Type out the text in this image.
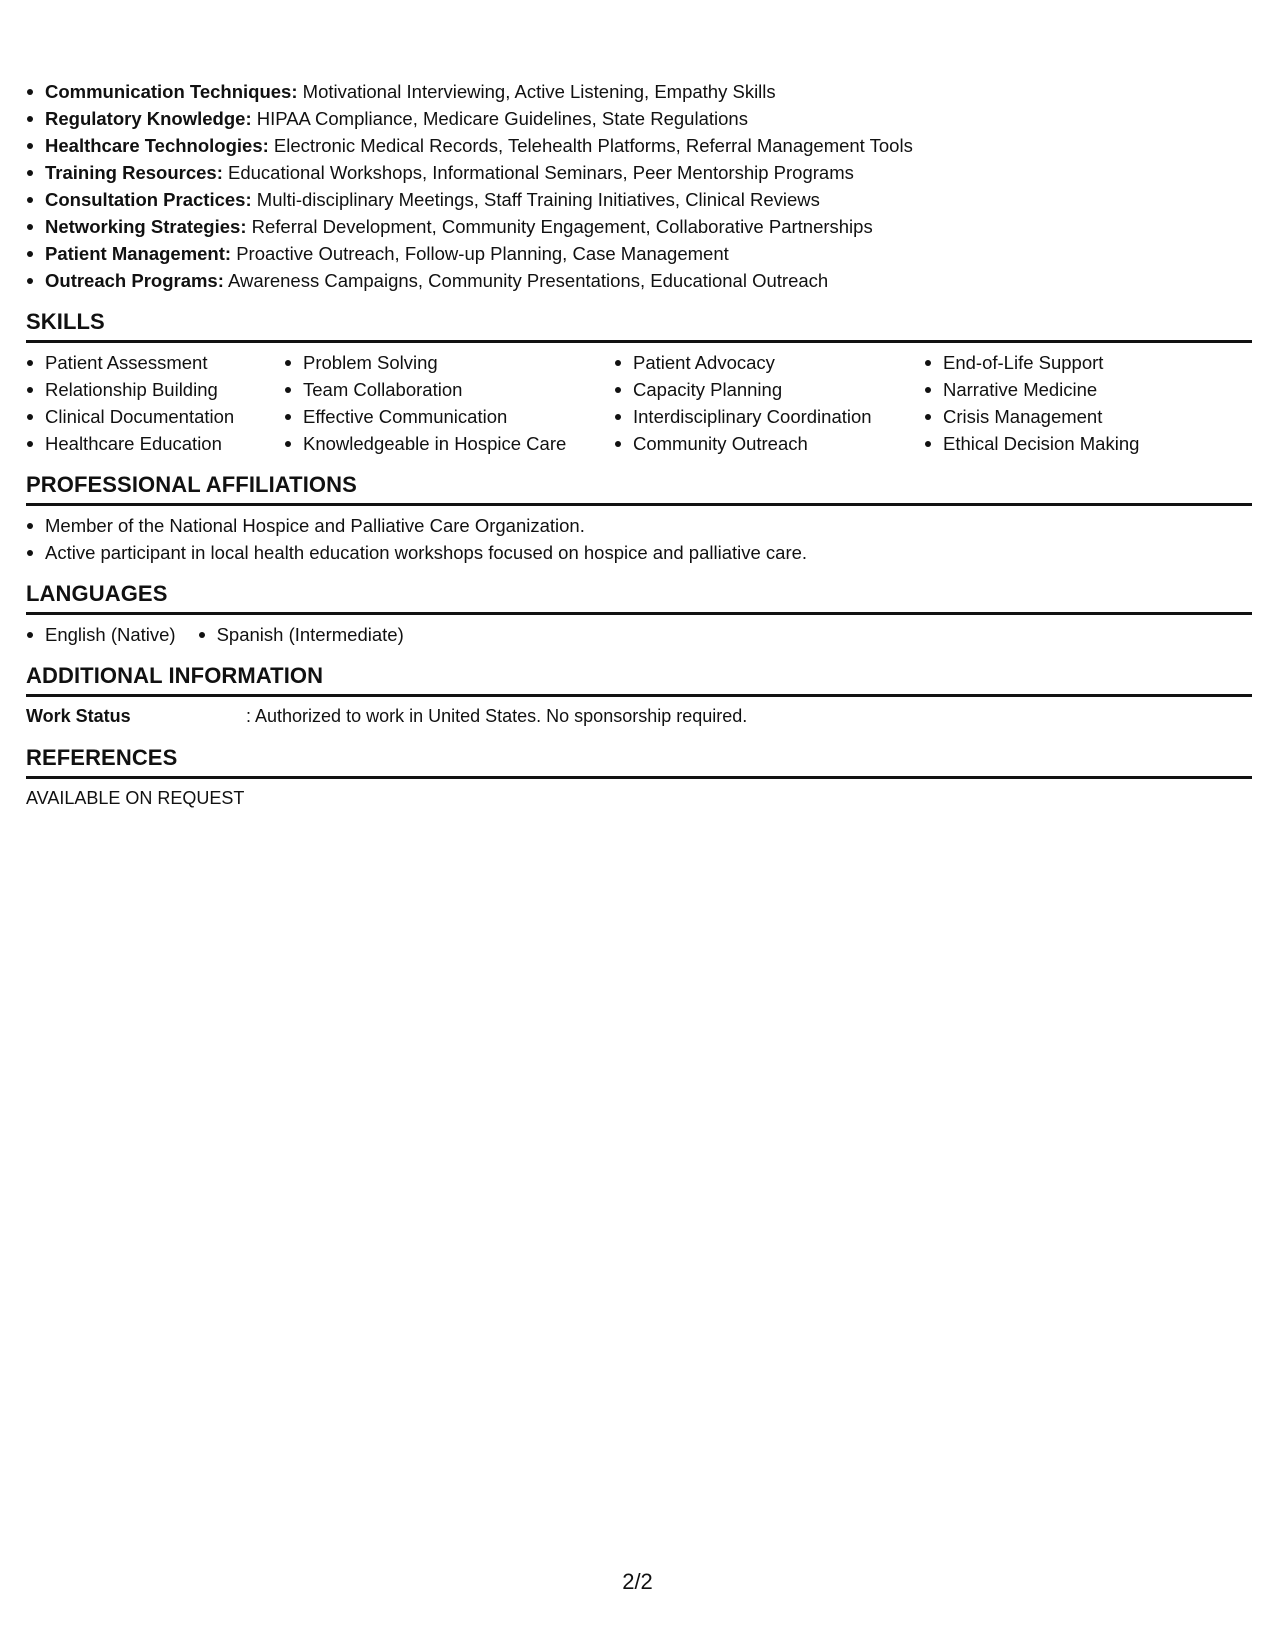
Communication Techniques: Motivational Interviewing, Active Listening, Empathy Skills
Regulatory Knowledge: HIPAA Compliance, Medicare Guidelines, State Regulations
Healthcare Technologies: Electronic Medical Records, Telehealth Platforms, Referral Management Tools
Training Resources: Educational Workshops, Informational Seminars, Peer Mentorship Programs
Consultation Practices: Multi-disciplinary Meetings, Staff Training Initiatives, Clinical Reviews
Networking Strategies: Referral Development, Community Engagement, Collaborative Partnerships
Patient Management: Proactive Outreach, Follow-up Planning, Case Management
Outreach Programs: Awareness Campaigns, Community Presentations, Educational Outreach
SKILLS
Patient Assessment
Relationship Building
Clinical Documentation
Healthcare Education
Problem Solving
Team Collaboration
Effective Communication
Knowledgeable in Hospice Care
Patient Advocacy
Capacity Planning
Interdisciplinary Coordination
Community Outreach
End-of-Life Support
Narrative Medicine
Crisis Management
Ethical Decision Making
PROFESSIONAL AFFILIATIONS
Member of the National Hospice and Palliative Care Organization.
Active participant in local health education workshops focused on hospice and palliative care.
LANGUAGES
English (Native)	Spanish (Intermediate)
ADDITIONAL INFORMATION
Work Status	: Authorized to work in United States. No sponsorship required.
REFERENCES
AVAILABLE ON REQUEST
2/2
